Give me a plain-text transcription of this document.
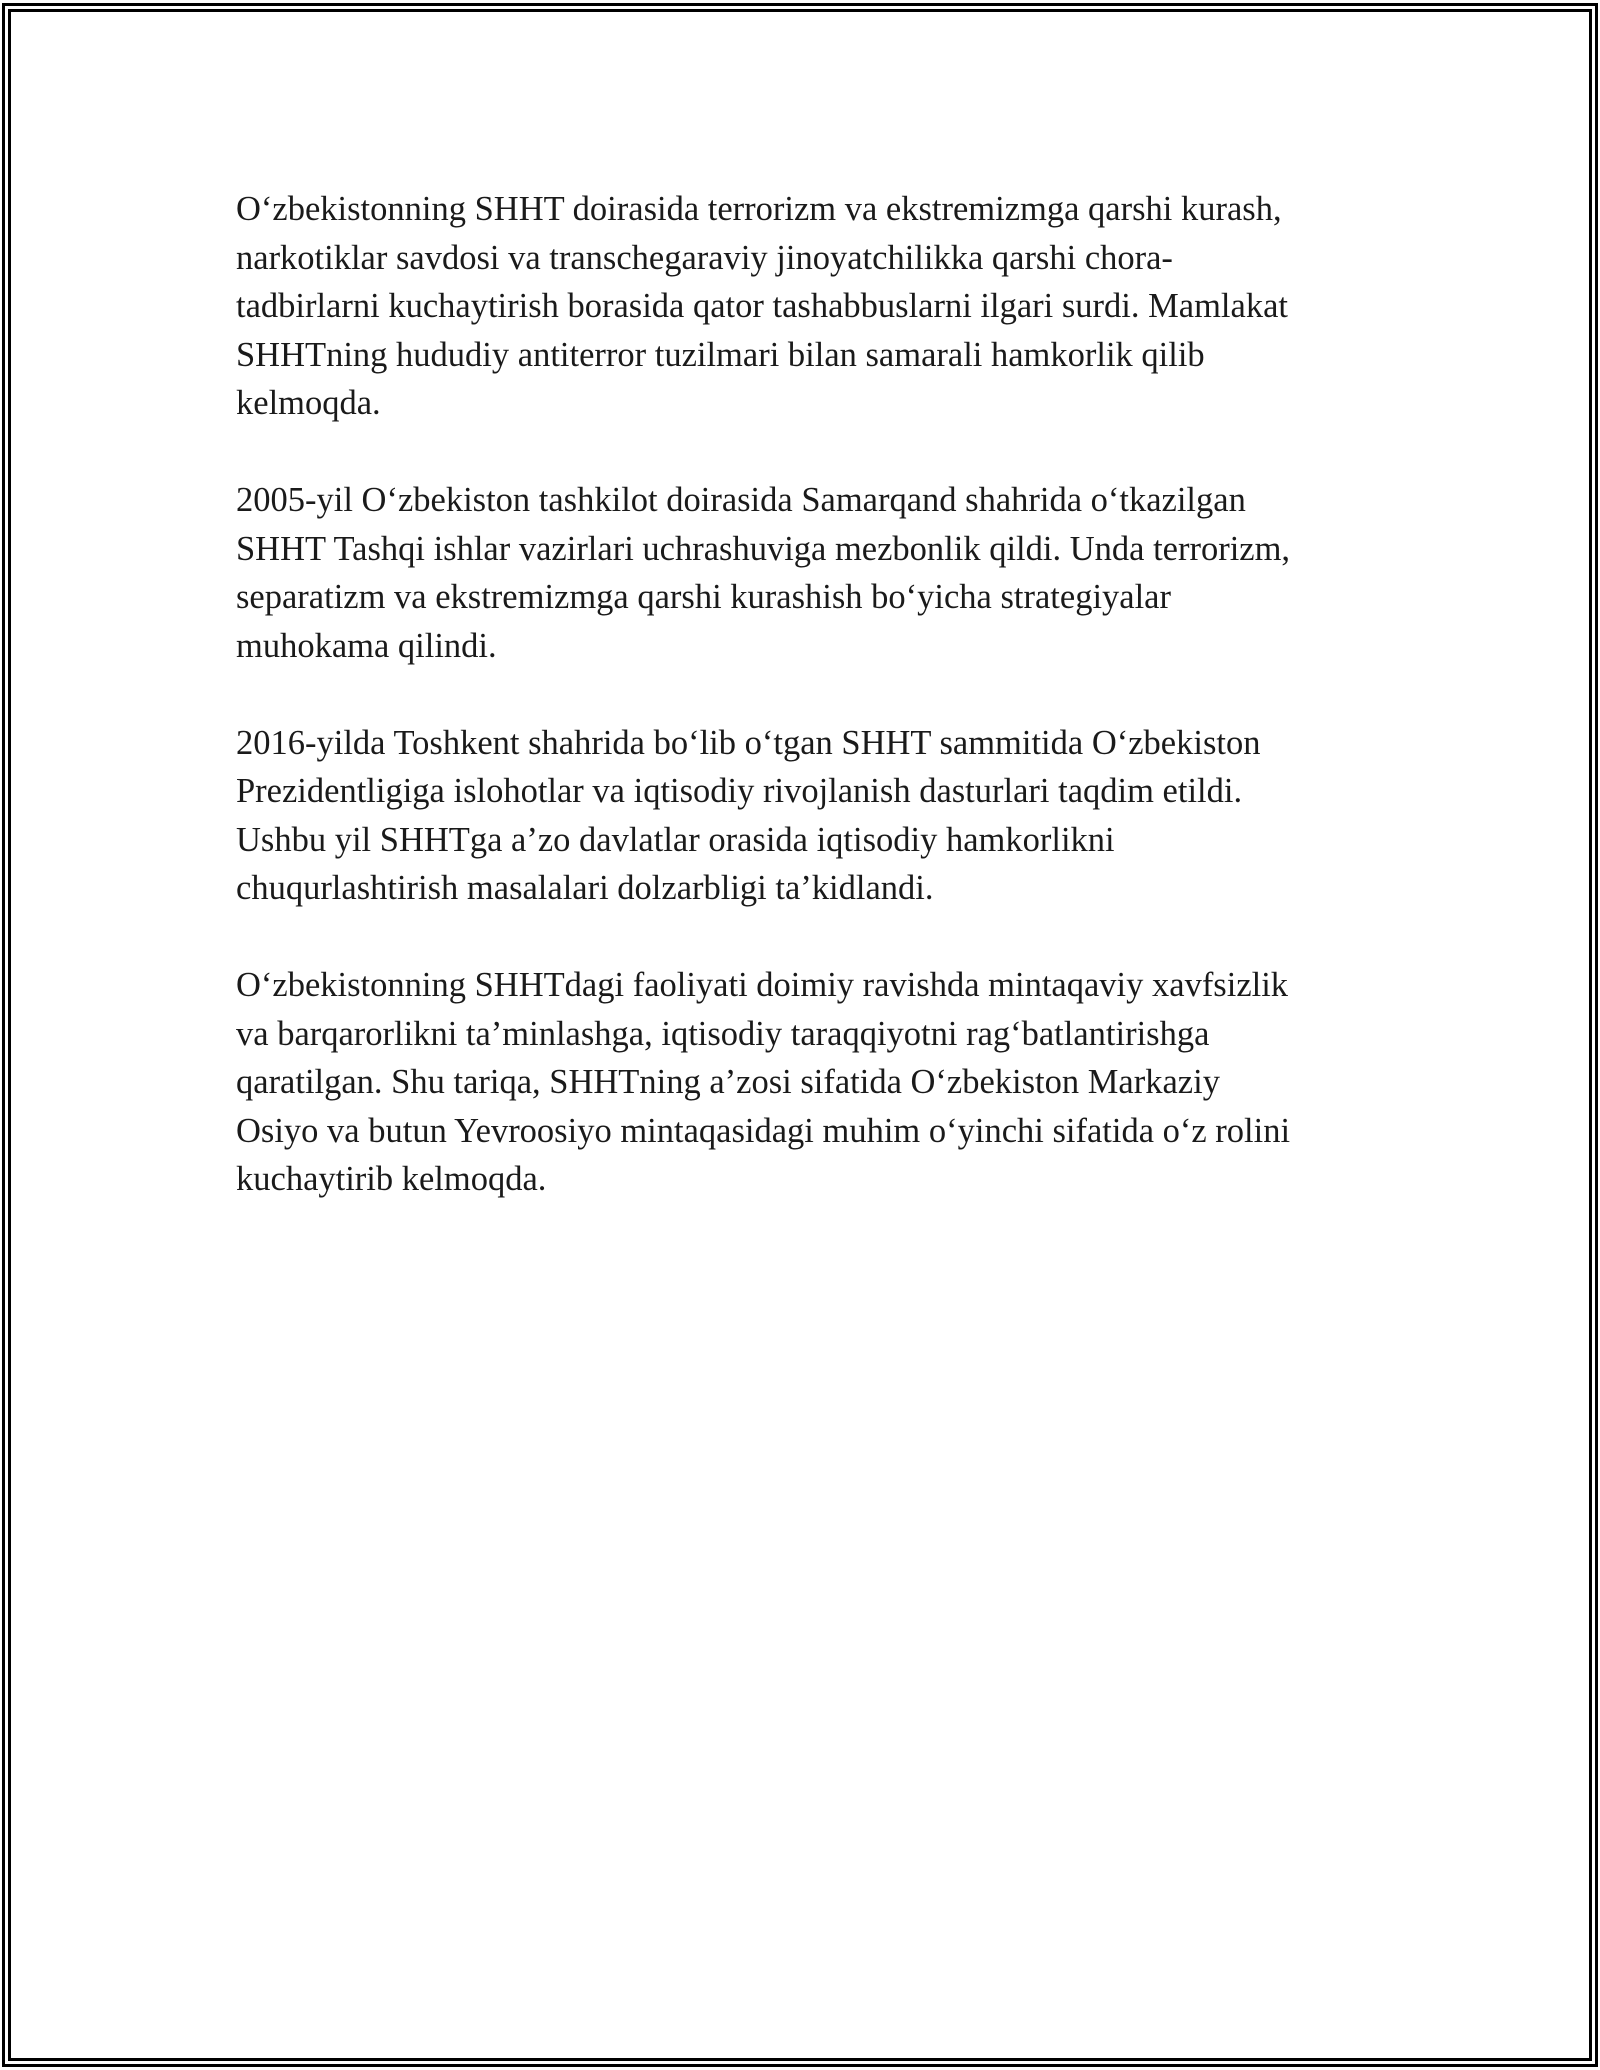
O‘zbekistonning SHHT doirasida terrorizm va ekstremizmga qarshi kurash,
narkotiklar savdosi va transchegaraviy jinoyatchilikka qarshi chora-
tadbirlarni kuchaytirish borasida qator tashabbuslarni ilgari surdi. Mamlakat
SHHTning hududiy antiterror tuzilmari bilan samarali hamkorlik qilib
kelmoqda.

2005-yil O‘zbekiston tashkilot doirasida Samarqand shahrida o‘tkazilgan
SHHT Tashqi ishlar vazirlari uchrashuviga mezbonlik qildi. Unda terrorizm,
separatizm va ekstremizmga qarshi kurashish bo‘yicha strategiyalar
muhokama qilindi.

2016-yilda Toshkent shahrida bo‘lib o‘tgan SHHT sammitida O‘zbekiston
Prezidentligiga islohotlar va iqtisodiy rivojlanish dasturlari taqdim etildi.
Ushbu yil SHHTga a’zo davlatlar orasida iqtisodiy hamkorlikni
chuqurlashtirish masalalari dolzarbligi ta’kidlandi.

O‘zbekistonning SHHTdagi faoliyati doimiy ravishda mintaqaviy xavfsizlik
va barqarorlikni ta’minlashga, iqtisodiy taraqqiyotni rag‘batlantirishga
qaratilgan. Shu tariqa, SHHTning a’zosi sifatida O‘zbekiston Markaziy
Osiyo va butun Yevroosiyo mintaqasidagi muhim o‘yinchi sifatida o‘z rolini
kuchaytirib kelmoqda.
